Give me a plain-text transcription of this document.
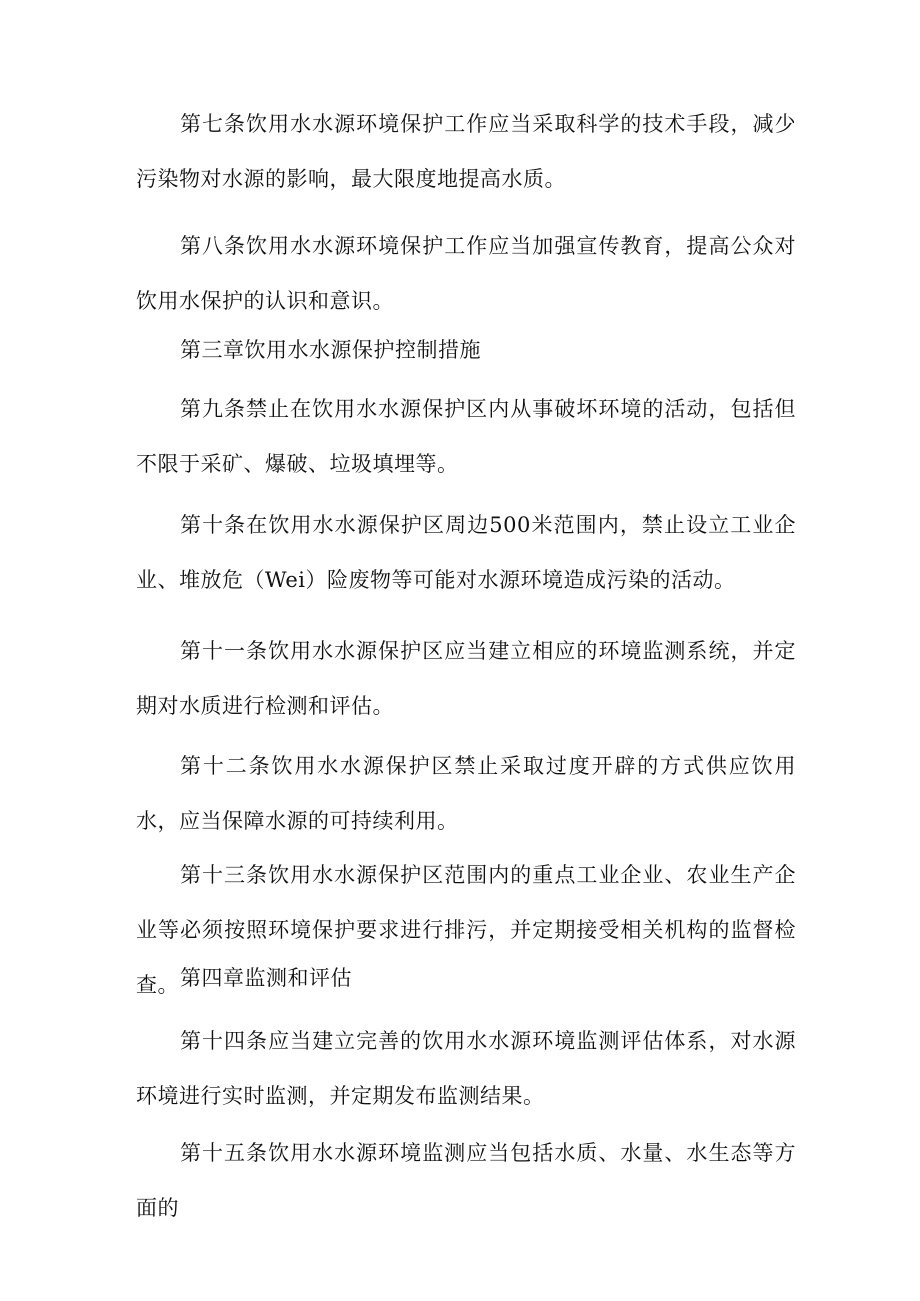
第七条饮用水水源环境保护工作应当采取科学的技术手段，减少污染物对水源的影响，最大限度地提高水质。

第八条饮用水水源环境保护工作应当加强宣传教育，提高公众对饮用水保护的认识和意识。

第三章饮用水水源保护控制措施

第九条禁止在饮用水水源保护区内从事破坏环境的活动，包括但不限于采矿、爆破、垃圾填埋等。

第十条在饮用水水源保护区周边500米范围内，禁止设立工业企业、堆放危（Wei）险废物等可能对水源环境造成污染的活动。

第十一条饮用水水源保护区应当建立相应的环境监测系统，并定期对水质进行检测和评估。

第十二条饮用水水源保护区禁止采取过度开辟的方式供应饮用水，应当保障水源的可持续利用。

第十三条饮用水水源保护区范围内的重点工业企业、农业生产企业等必须按照环境保护要求进行排污，并定期接受相关机构的监督检查。 第四章监测和评估

第十四条应当建立完善的饮用水水源环境监测评估体系，对水源环境进行实时监测，并定期发布监测结果。

第十五条饮用水水源环境监测应当包括水质、水量、水生态等方面的
